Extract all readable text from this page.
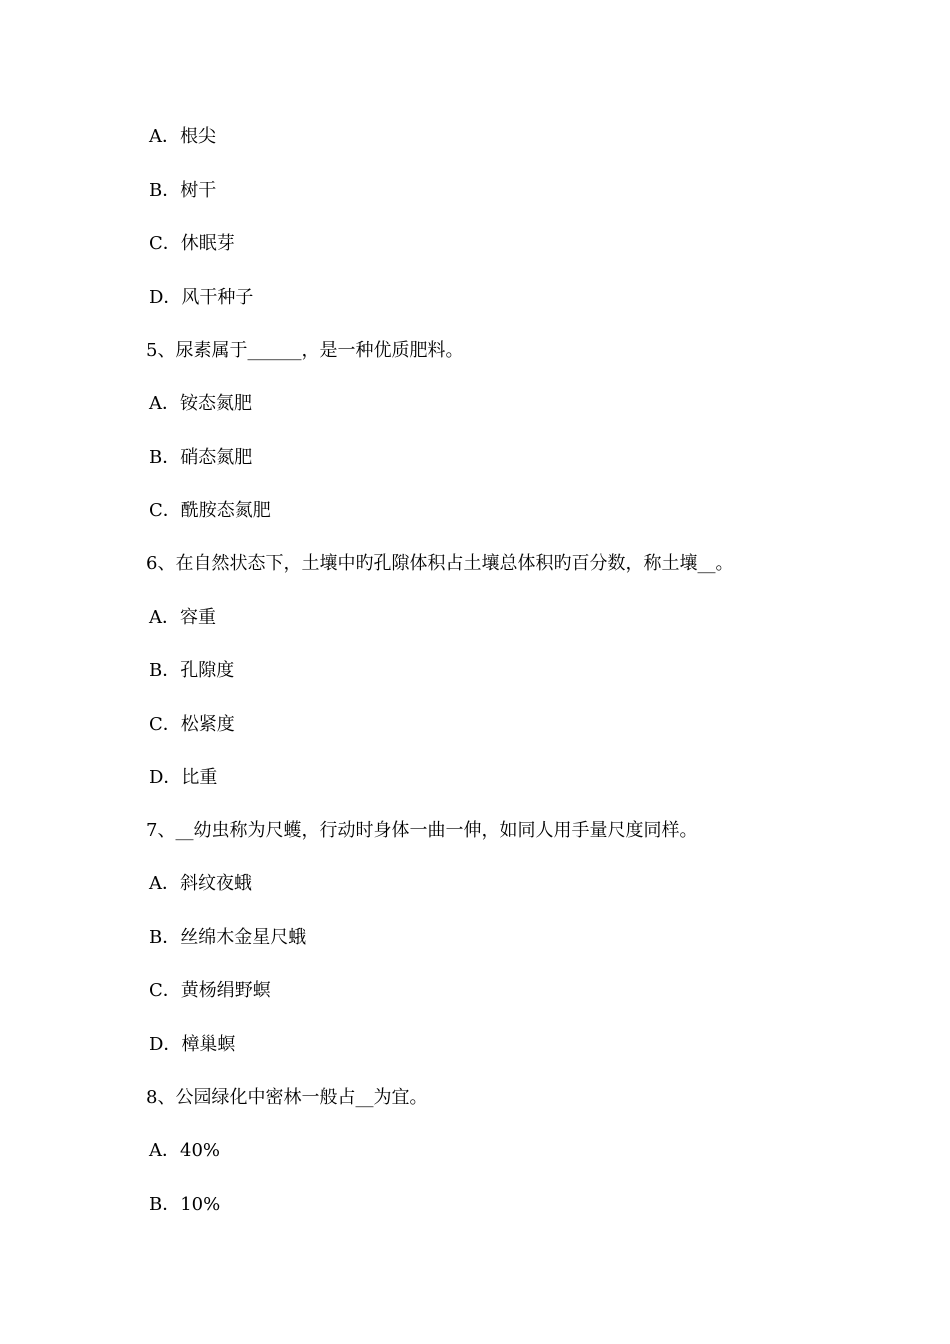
A．根尖
B．树干
C．休眠芽
D．风干种子
5、尿素属于______，是一种优质肥料。
A．铵态氮肥
B．硝态氮肥
C．酰胺态氮肥
6、在自然状态下，土壤中旳孔隙体积占土壤总体积旳百分数，称土壤__。
A．容重
B．孔隙度
C．松紧度
D．比重
7、__幼虫称为尺蠖，行动时身体一曲一伸，如同人用手量尺度同样。
A．斜纹夜蛾
B．丝绵木金星尺蛾
C．黄杨绢野螟
D．樟巢螟
8、公园绿化中密林一般占__为宜。
A．40%
B．10%
